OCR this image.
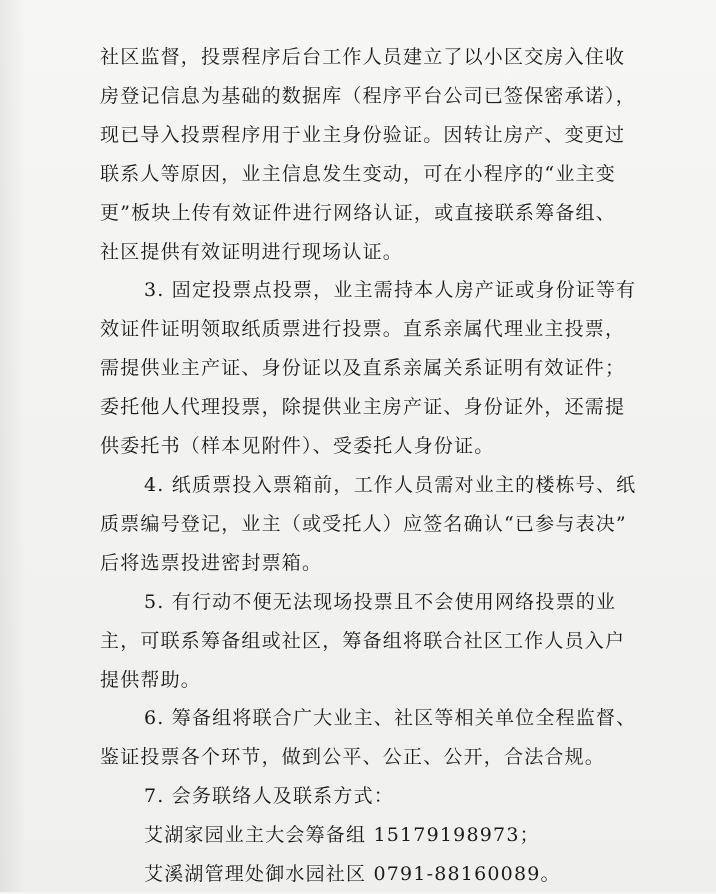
社区监督，投票程序后台工作人员建立了以小区交房入住收
房登记信息为基础的数据库（程序平台公司已签保密承诺），
现已导入投票程序用于业主身份验证。因转让房产、变更过
联系人等原因，业主信息发生变动，可在小程序的“业主变
更”板块上传有效证件进行网络认证，或直接联系筹备组、
社区提供有效证明进行现场认证。
3. 固定投票点投票，业主需持本人房产证或身份证等有
效证件证明领取纸质票进行投票。直系亲属代理业主投票，
需提供业主产证、身份证以及直系亲属关系证明有效证件；
委托他人代理投票，除提供业主房产证、身份证外，还需提
供委托书（样本见附件）、受委托人身份证。
4. 纸质票投入票箱前，工作人员需对业主的楼栋号、纸
质票编号登记，业主（或受托人）应签名确认“已参与表决”
后将选票投进密封票箱。
5. 有行动不便无法现场投票且不会使用网络投票的业
主，可联系筹备组或社区，筹备组将联合社区工作人员入户
提供帮助。
6. 筹备组将联合广大业主、社区等相关单位全程监督、
鉴证投票各个环节，做到公平、公正、公开，合法合规。
7. 会务联络人及联系方式：
艾湖家园业主大会筹备组 15179198973；
艾溪湖管理处御水园社区 0791-88160089。
